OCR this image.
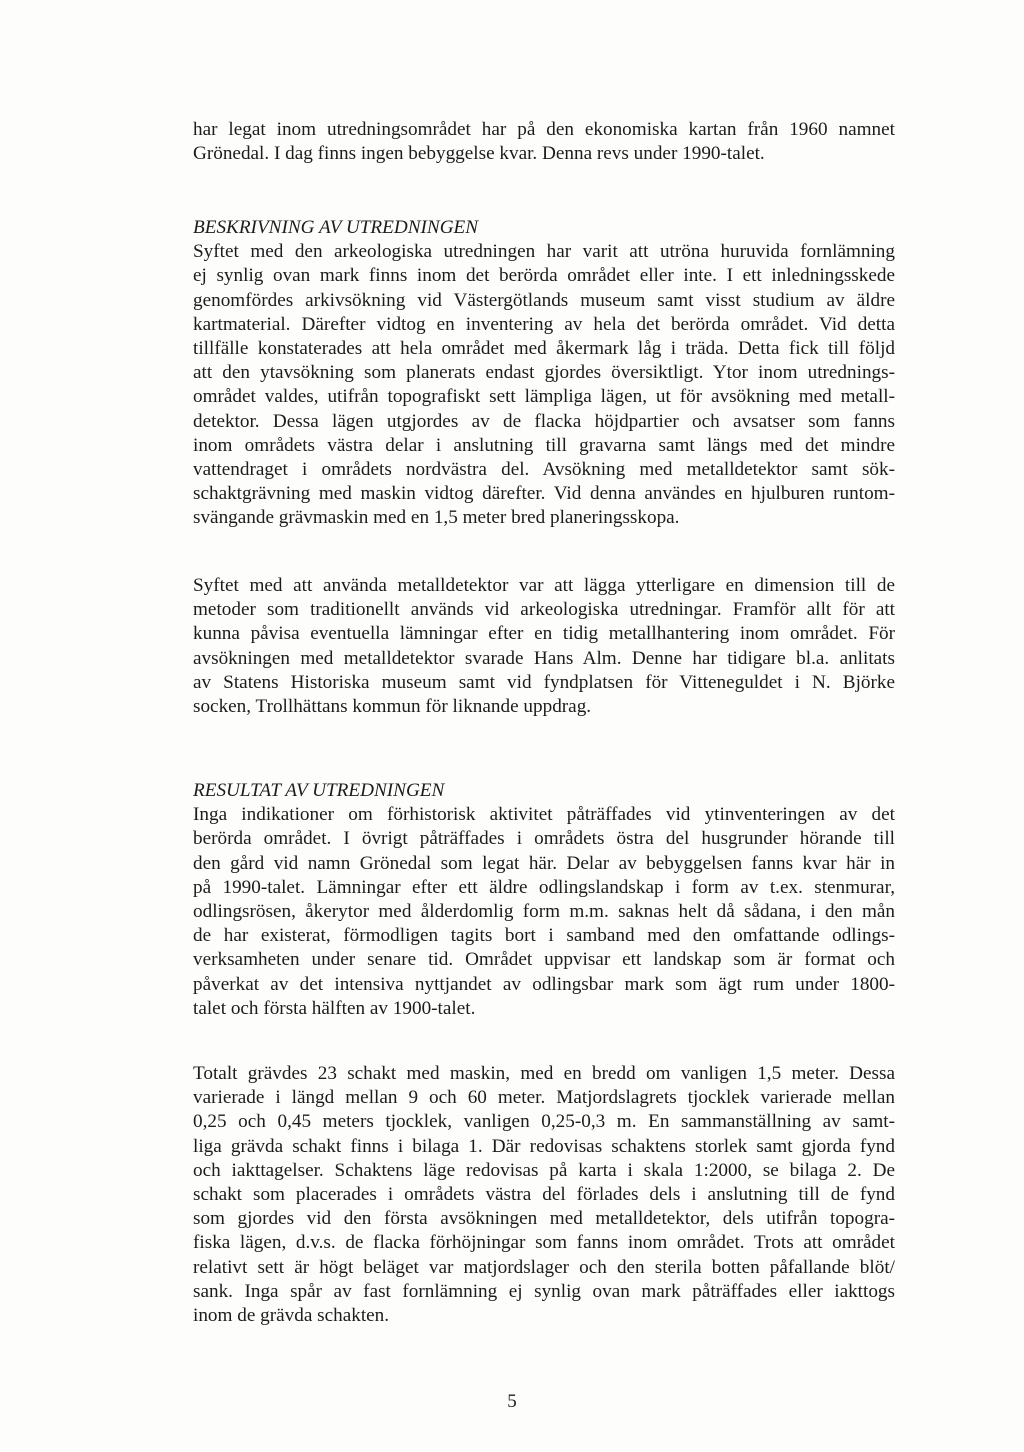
har legat inom utredningsområdet har på den ekonomiska kartan från 1960 namnet
Grönedal. I dag finns ingen bebyggelse kvar. Denna revs under 1990-talet.
BESKRIVNING AV UTREDNINGEN
Syftet med den arkeologiska utredningen har varit att utröna huruvida fornlämning
ej synlig ovan mark finns inom det berörda området eller inte. I ett inledningsskede
genomfördes arkivsökning vid Västergötlands museum samt visst studium av äldre
kartmaterial. Därefter vidtog en inventering av hela det berörda området. Vid detta
tillfälle konstaterades att hela området med åkermark låg i träda. Detta fick till följd
att den ytavsökning som planerats endast gjordes översiktligt. Ytor inom utrednings-
området valdes, utifrån topografiskt sett lämpliga lägen, ut för avsökning med metall-
detektor. Dessa lägen utgjordes av de flacka höjdpartier och avsatser som fanns
inom områdets västra delar i anslutning till gravarna samt längs med det mindre
vattendraget i områdets nordvästra del. Avsökning med metalldetektor samt sök-
schaktgrävning med maskin vidtog därefter. Vid denna användes en hjulburen runtom-
svängande grävmaskin med en 1,5 meter bred planeringsskopa.
Syftet med att använda metalldetektor var att lägga ytterligare en dimension till de
metoder som traditionellt används vid arkeologiska utredningar. Framför allt för att
kunna påvisa eventuella lämningar efter en tidig metallhantering inom området. För
avsökningen med metalldetektor svarade Hans Alm. Denne har tidigare bl.a. anlitats
av Statens Historiska museum samt vid fyndplatsen för Vitteneguldet i N. Björke
socken, Trollhättans kommun för liknande uppdrag.
RESULTAT AV UTREDNINGEN
Inga indikationer om förhistorisk aktivitet påträffades vid ytinventeringen av det
berörda området. I övrigt påträffades i områdets östra del husgrunder hörande till
den gård vid namn Grönedal som legat här. Delar av bebyggelsen fanns kvar här in
på 1990-talet. Lämningar efter ett äldre odlingslandskap i form av t.ex. stenmurar,
odlingsrösen, åkerytor med ålderdomlig form m.m. saknas helt då sådana, i den mån
de har existerat, förmodligen tagits bort i samband med den omfattande odlings-
verksamheten under senare tid. Området uppvisar ett landskap som är format och
påverkat av det intensiva nyttjandet av odlingsbar mark som ägt rum under 1800-
talet och första hälften av 1900-talet.
Totalt grävdes 23 schakt med maskin, med en bredd om vanligen 1,5 meter. Dessa
varierade i längd mellan 9 och 60 meter. Matjordslagrets tjocklek varierade mellan
0,25 och 0,45 meters tjocklek, vanligen 0,25-0,3 m. En sammanställning av samt-
liga grävda schakt finns i bilaga 1. Där redovisas schaktens storlek samt gjorda fynd
och iakttagelser. Schaktens läge redovisas på karta i skala 1:2000, se bilaga 2. De
schakt som placerades i områdets västra del förlades dels i anslutning till de fynd
som gjordes vid den första avsökningen med metalldetektor, dels utifrån topogra-
fiska lägen, d.v.s. de flacka förhöjningar som fanns inom området. Trots att området
relativt sett är högt beläget var matjordslager och den sterila botten påfallande blöt/
sank. Inga spår av fast fornlämning ej synlig ovan mark påträffades eller iakttogs
inom de grävda schakten.
5
